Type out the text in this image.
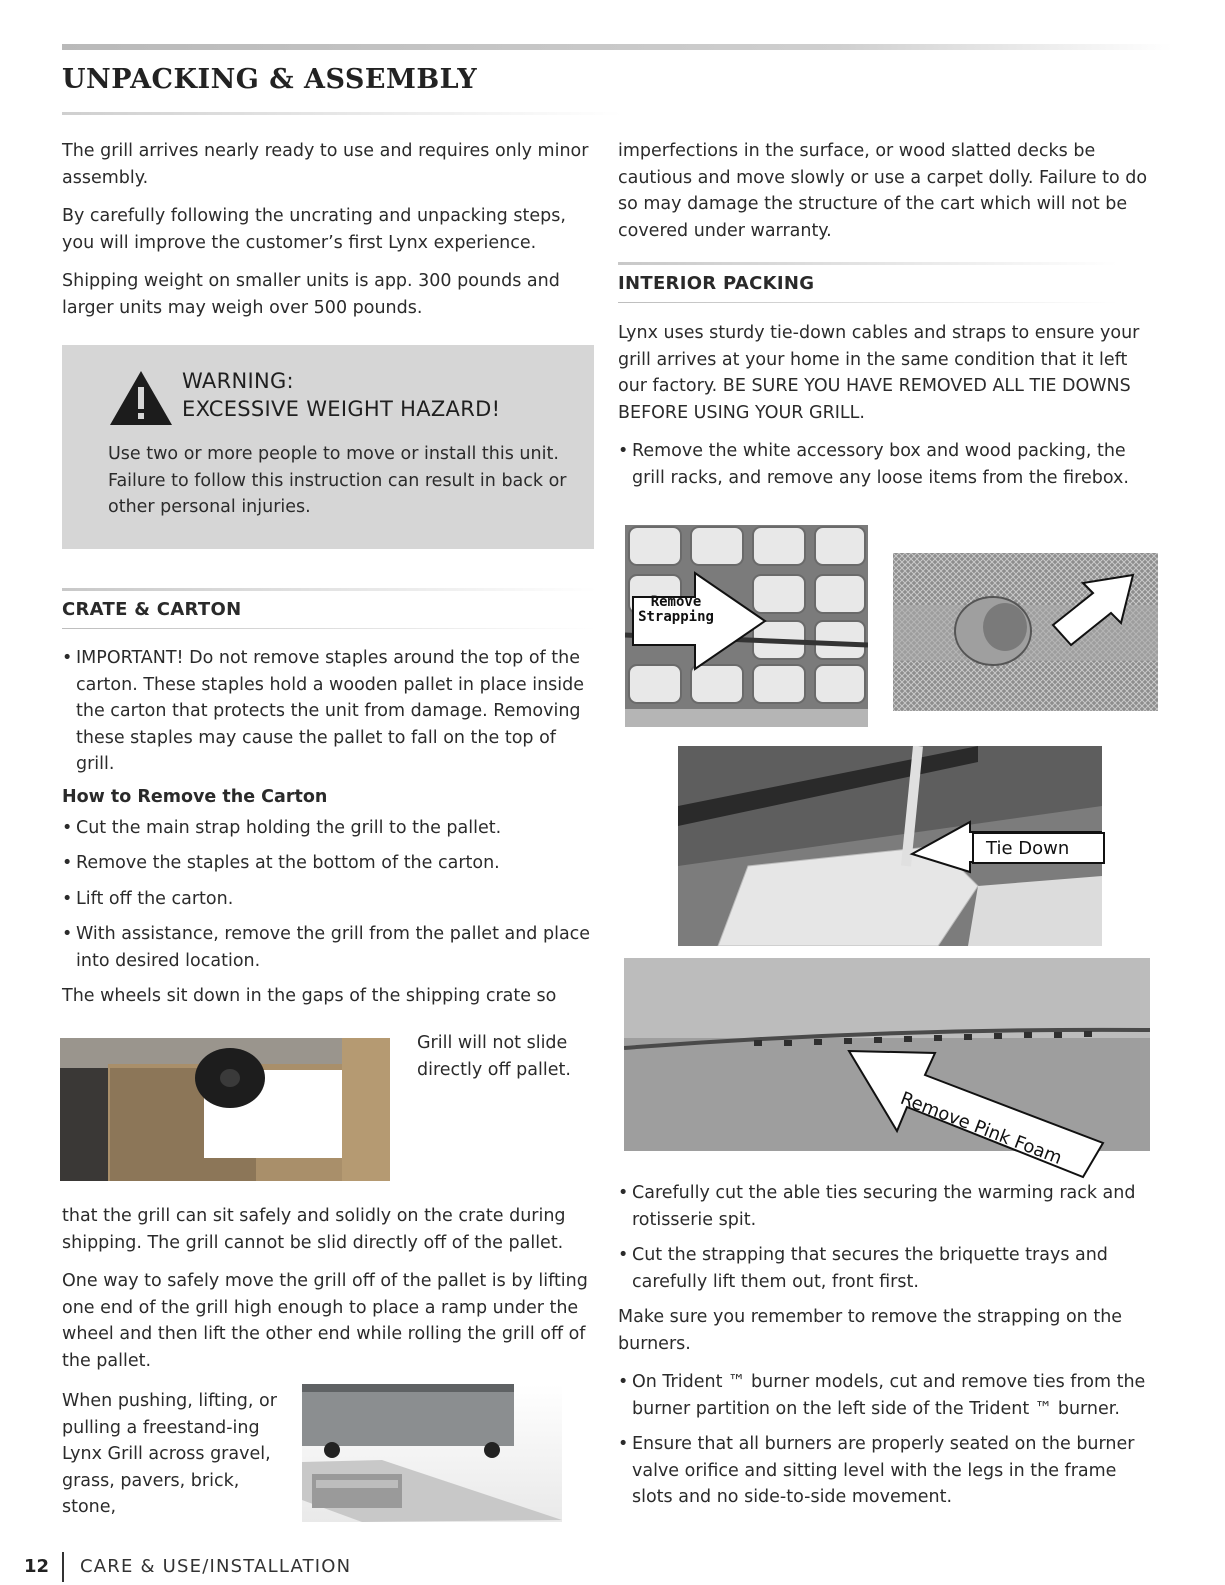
UNPACKING & ASSEMBLY

The grill arrives nearly ready to use and requires only minor assembly.

By carefully following the uncrating and unpacking steps, you will improve the customer’s first Lynx experience.

Shipping weight on smaller units is app. 300 pounds and larger units may weigh over 500 pounds.

WARNING:
EXCESSIVE WEIGHT HAZARD!
Use two or more people to move or install this unit. Failure to follow this instruction can result in back or other personal injuries.
CRATE & CARTON
• IMPORTANT! Do not remove staples around the top of the carton. These staples hold a wooden pallet in place inside the carton that protects the unit from damage. Removing these staples may cause the pallet to fall on the top of grill.
How to Remove the Carton
• Cut the main strap holding the grill to the pallet.
• Remove the staples at the bottom of the carton.
• Lift off the carton.
• With assistance, remove the grill from the pallet and place into desired location.

The wheels sit down in the gaps of the shipping crate so

Grill will not slide directly off pallet.

that the grill can sit safely and solidly on the crate during shipping. The grill cannot be slid directly off of the pallet.

One way to safely move the grill off of the pallet is by lifting one end of the grill high enough to place a ramp under the wheel and then lift the other end while rolling the grill off of the pallet.

When pushing, lifting, or pulling a freestand-ing Lynx Grill across gravel, grass, pavers, brick, stone,

imperfections in the surface, or wood slatted decks be cautious and move slowly or use a carpet dolly. Failure to do so may damage the structure of the cart which will not be covered under warranty.

INTERIOR PACKING

Lynx uses sturdy tie-down cables and straps to ensure your grill arrives at your home in the same condition that it left our factory. BE SURE YOU HAVE REMOVED ALL TIE DOWNS BEFORE USING YOUR GRILL.

• Remove the white accessory box and wood packing, the grill racks, and remove any loose items from the firebox.
Remove Strapping
Tie Down
Remove Pink Foam
• Carefully cut the able ties securing the warming rack and rotisserie spit.
• Cut the strapping that secures the briquette trays and carefully lift them out, front first.

Make sure you remember to remove the strapping on the burners.

• On Trident ™ burner models, cut and remove ties from the burner partition on the left side of the Trident ™ burner.
• Ensure that all burners are properly seated on the burner valve orifice and sitting level with the legs in the frame slots and no side-to-side movement.
12 CARE & USE/INSTALLATION
